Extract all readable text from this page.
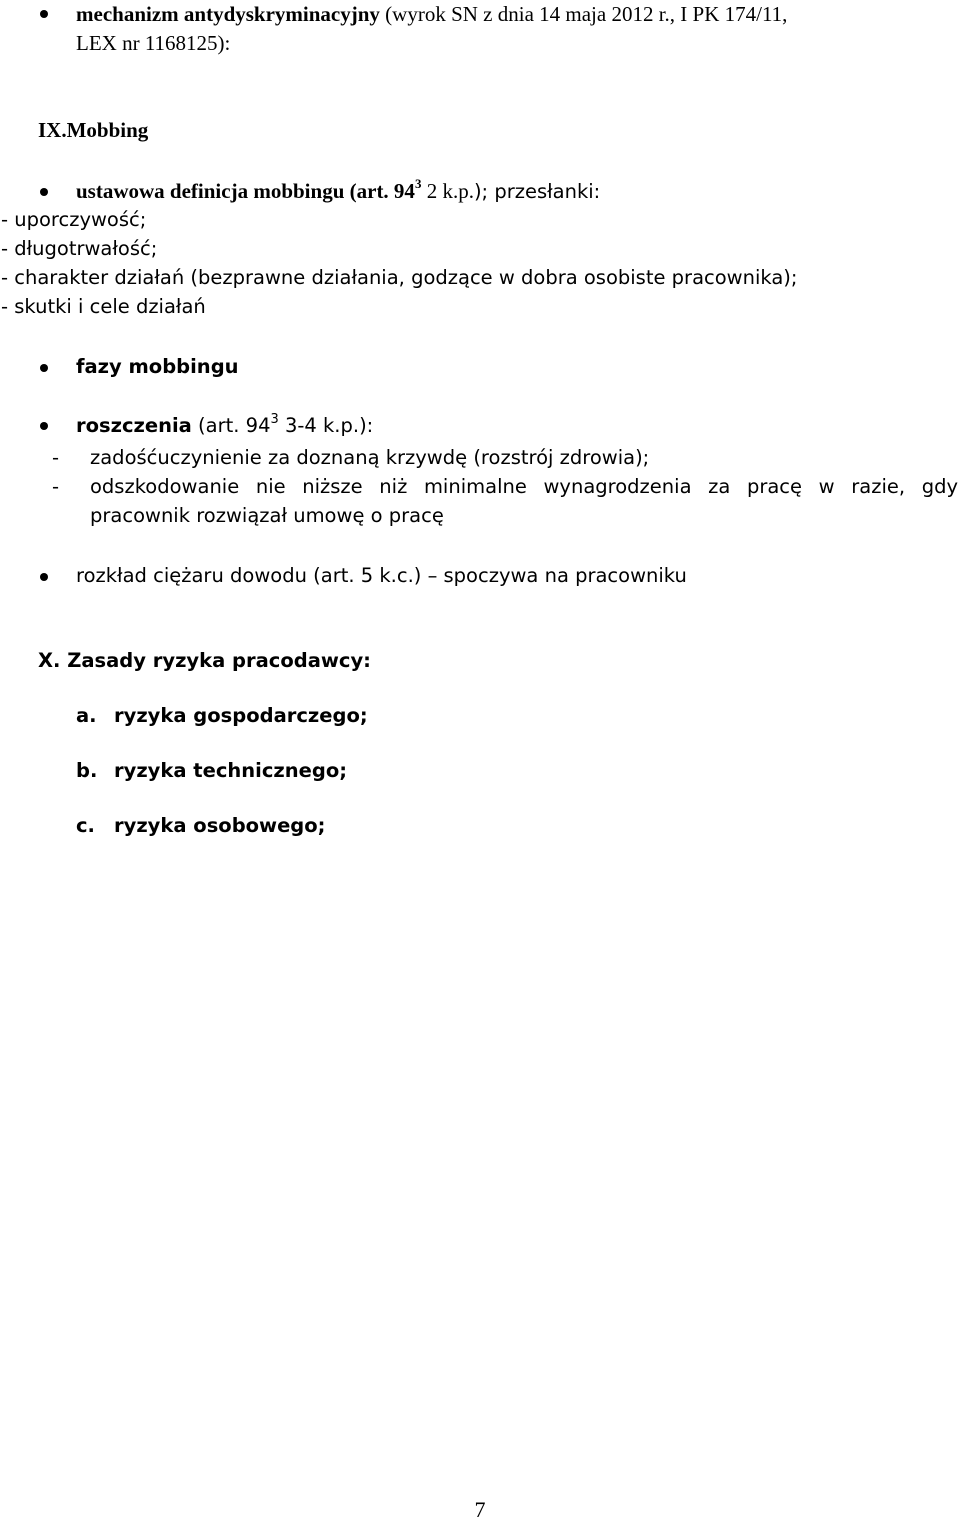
mechanizm antydyskryminacyjny (wyrok SN z dnia 14 maja 2012 r., I PK 174/11,
LEX nr 1168125):
IX.Mobbing
ustawowa definicja mobbingu (art. $94^3$ 2 k.p.); przesłanki:
- uporczywość;
- długotrwałość;
- charakter działań (bezprawne działania, godzące w dobra osobiste pracownika);
- skutki i cele działań
fazy mobbingu
roszczenia (art. $94^3$ 3-4 k.p.):
- zadośćuczynienie za doznaną krzywdę (rozstrój zdrowia);
- odszkodowanie nie niższe niż minimalne wynagrodzenia za pracę w razie, gdy
pracownik rozwiązał umowę o pracę
rozkład ciężaru dowodu (art. 5 k.c.) – spoczywa na pracowniku
X. Zasady ryzyka pracodawcy:
a. ryzyka gospodarczego;
b. ryzyka technicznego;
c. ryzyka osobowego;
7
